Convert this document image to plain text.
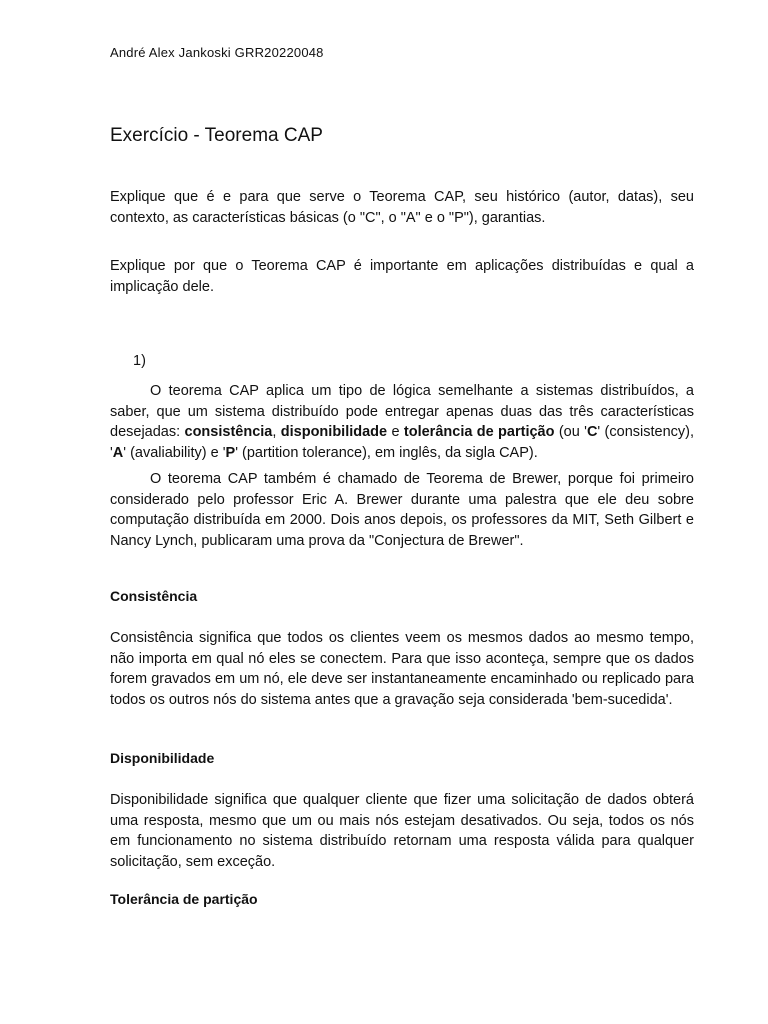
André Alex Jankoski GRR20220048
Exercício - Teorema CAP

Explique que é e para que serve o Teorema CAP, seu histórico (autor, datas), seu contexto, as características básicas (o "C", o "A" e o "P"), garantias.

Explique por que o Teorema CAP é importante em aplicações distribuídas e qual a implicação dele.

1)

O teorema CAP aplica um tipo de lógica semelhante a sistemas distribuídos, a saber, que um sistema distribuído pode entregar apenas duas das três características desejadas: consistência, disponibilidade e tolerância de partição (ou 'C' (consistency), 'A' (avaliability) e 'P' (partition tolerance), em inglês, da sigla CAP).

O teorema CAP também é chamado de Teorema de Brewer, porque foi primeiro considerado pelo professor Eric A. Brewer durante uma palestra que ele deu sobre computação distribuída em 2000. Dois anos depois, os professores da MIT, Seth Gilbert e Nancy Lynch, publicaram uma prova da "Conjectura de Brewer".

Consistência

Consistência significa que todos os clientes veem os mesmos dados ao mesmo tempo, não importa em qual nó eles se conectem. Para que isso aconteça, sempre que os dados forem gravados em um nó, ele deve ser instantaneamente encaminhado ou replicado para todos os outros nós do sistema antes que a gravação seja considerada 'bem-sucedida'.

Disponibilidade

Disponibilidade significa que qualquer cliente que fizer uma solicitação de dados obterá uma resposta, mesmo que um ou mais nós estejam desativados. Ou seja, todos os nós em funcionamento no sistema distribuído retornam uma resposta válida para qualquer solicitação, sem exceção.

Tolerância de partição
